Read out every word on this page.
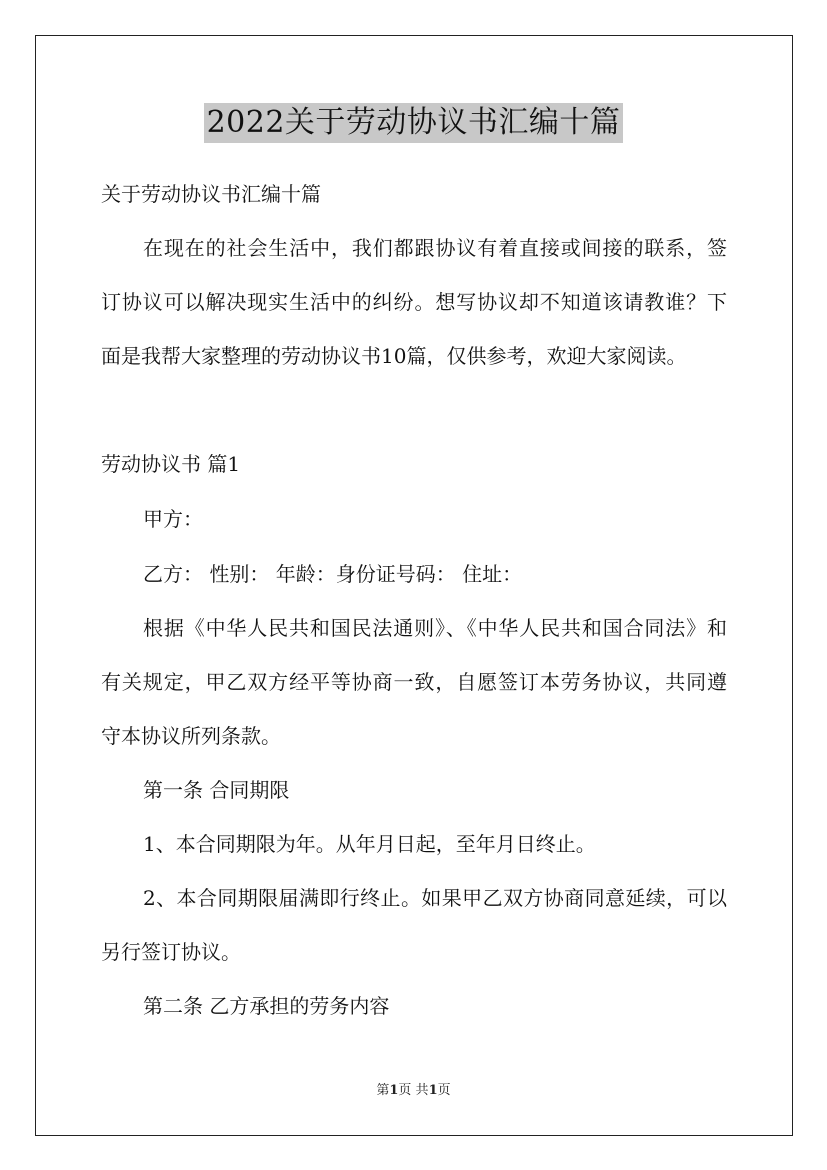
2022关于劳动协议书汇编十篇
关于劳动协议书汇编十篇
在现在的社会生活中，我们都跟协议有着直接或间接的联系，签
订协议可以解决现实生活中的纠纷。想写协议却不知道该请教谁？下
面是我帮大家整理的劳动协议书10篇，仅供参考，欢迎大家阅读。
劳动协议书 篇1
甲方：
乙方： 性别： 年龄：身份证号码： 住址：
根据《中华人民共和国民法通则》、《中华人民共和国合同法》和
有关规定，甲乙双方经平等协商一致，自愿签订本劳务协议，共同遵
守本协议所列条款。
第一条 合同期限
1、本合同期限为年。从年月日起，至年月日终止。
2、本合同期限届满即行终止。如果甲乙双方协商同意延续，可以
另行签订协议。
第二条 乙方承担的劳务内容
第1页 共1页
